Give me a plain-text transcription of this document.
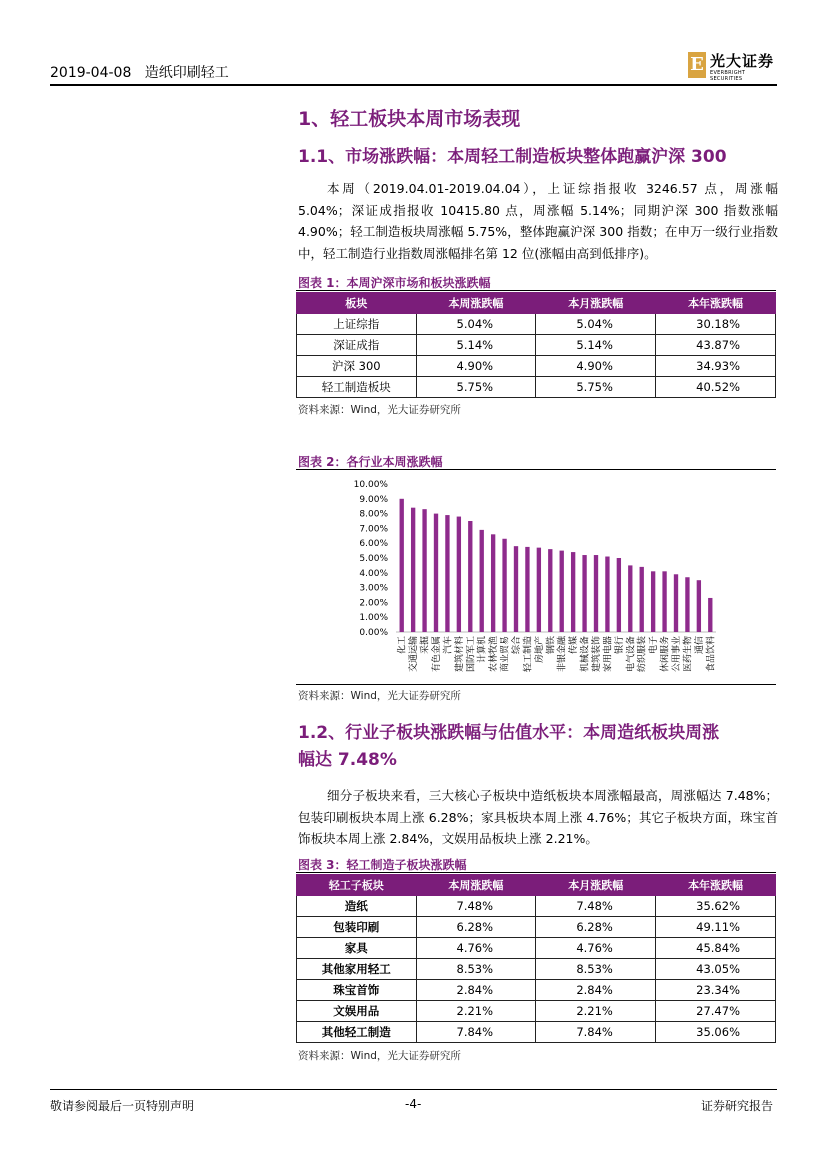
2019-04-08 造纸印刷轻工	E 光大证券
EVERBRIGHT SECURITIES
1、轻工板块本周市场表现
1.1、市场涨跌幅：本周轻工制造板块整体跑赢沪深 300
本周（2019.04.01-2019.04.04），上证综指报收 3246.57 点，周涨幅 5.04%；深证成指报收 10415.80 点，周涨幅 5.14%；同期沪深 300 指数涨幅 4.90%；轻工制造板块周涨幅 5.75%，整体跑赢沪深 300 指数；在申万一级行业指数中，轻工制造行业指数周涨幅排名第 12 位(涨幅由高到低排序)。
图表 1：本周沪深市场和板块涨跌幅
板块	本周涨跌幅	本月涨跌幅	本年涨跌幅
上证综指	5.04%	5.04%	30.18%
深证成指	5.14%	5.14%	43.87%
沪深 300	4.90%	4.90%	34.93%
轻工制造板块	5.75%	5.75%	40.52%
资料来源：Wind，光大证券研究所
图表 2：各行业本周涨跌幅
10.00%
9.00%
8.00%
7.00%
6.00%
5.00%
4.00%
3.00%
2.00%
1.00%
0.00%
化工 交通运输 采掘 有色金属 汽车 建筑材料 国防军工 计算机 农林牧渔 商业贸易 综合 轻工制造 房地产 钢铁 非银金融 传媒 机械设备 建筑装饰 家用电器 银行 电气设备 纺织服装 电子 休闲服务 公用事业 医药生物 通信 食品饮料
资料来源：Wind，光大证券研究所
1.2、行业子板块涨跌幅与估值水平：本周造纸板块周涨
幅达 7.48%
细分子板块来看，三大核心子板块中造纸板块本周涨幅最高，周涨幅达 7.48%；包装印刷板块本周上涨 6.28%；家具板块本周上涨 4.76%；其它子板块方面，珠宝首饰板块本周上涨 2.84%，文娱用品板块上涨 2.21%。
图表 3：轻工制造子板块涨跌幅
轻工子板块	本周涨跌幅	本月涨跌幅	本年涨跌幅
造纸	7.48%	7.48%	35.62%
包装印刷	6.28%	6.28%	49.11%
家具	4.76%	4.76%	45.84%
其他家用轻工	8.53%	8.53%	43.05%
珠宝首饰	2.84%	2.84%	23.34%
文娱用品	2.21%	2.21%	27.47%
其他轻工制造	7.84%	7.84%	35.06%
资料来源：Wind，光大证券研究所
敬请参阅最后一页特别声明	-4-	证券研究报告
